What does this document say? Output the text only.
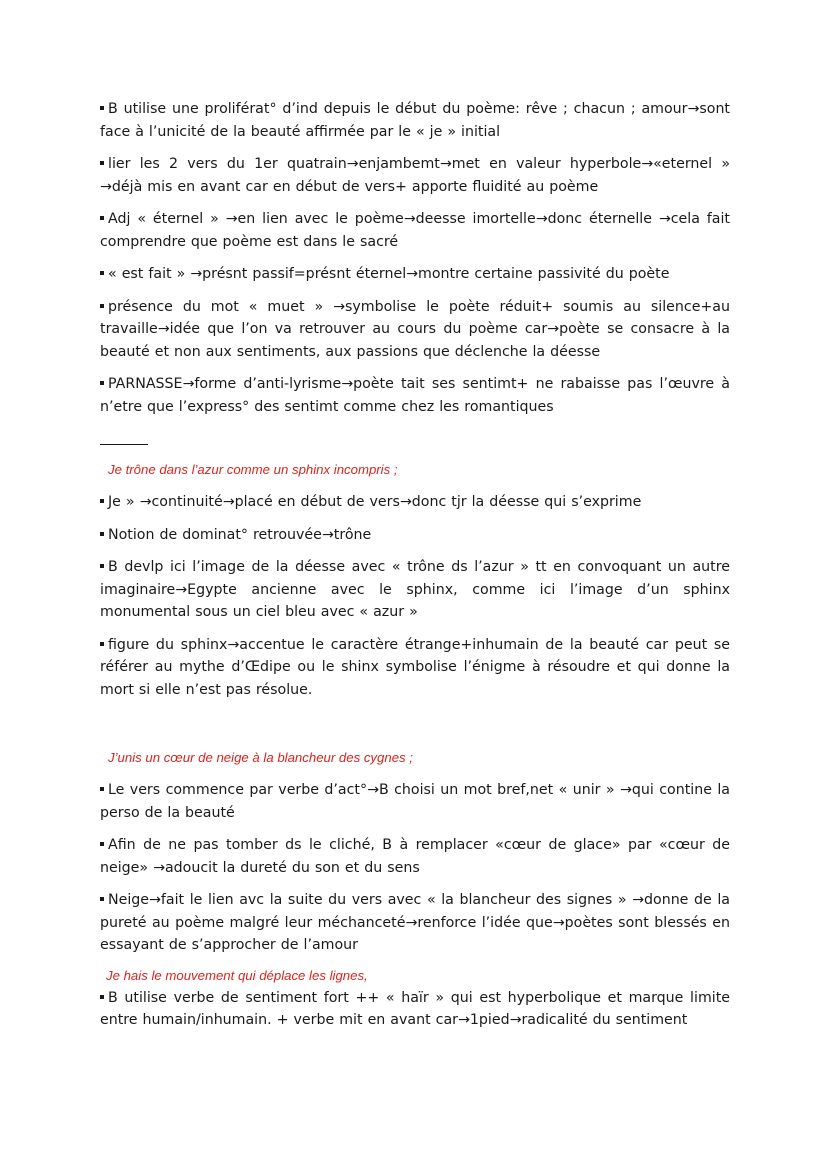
B utilise une proliférat° d’ind depuis le début du poème: rêve ; chacun ; amour→sont face à l’unicité de la beauté affirmée par le « je » initial

lier les 2 vers du 1er quatrain→enjambemt→met en valeur hyperbole→«eternel » →déjà mis en avant car en début de vers+ apporte fluidité au poème

Adj « éternel » →en lien avec le poème→deesse imortelle→donc éternelle →cela fait comprendre que poème est dans le sacré

« est fait » →présnt passif=présnt éternel→montre certaine passivité du poète

présence du mot « muet » →symbolise le poète réduit+ soumis au silence+au travaille→idée que l’on va retrouver au cours du poème car→poète se consacre à la beauté et non aux sentiments, aux passions que déclenche la déesse

PARNASSE→forme d’anti-lyrisme→poète tait ses sentimt+ ne rabaisse pas l’œuvre à n’etre que l’express° des sentimt comme chez les romantiques

Je trône dans l’azur comme un sphinx incompris ;

Je » →continuité→placé en début de vers→donc tjr la déesse qui s’exprime

Notion de dominat° retrouvée→trône

B devlp ici l’image de la déesse avec « trône ds l’azur » tt en convoquant un autre imaginaire→Egypte ancienne avec le sphinx, comme ici l’image d’un sphinx monumental sous un ciel bleu avec « azur »

figure du sphinx→accentue le caractère étrange+inhumain de la beauté car peut se référer au mythe d’Œdipe ou le shinx symbolise l’énigme à résoudre et qui donne la mort si elle n’est pas résolue.

J’unis un cœur de neige à la blancheur des cygnes ;

Le vers commence par verbe d’act°→B choisi un mot bref,net « unir » →qui contine la perso de la beauté

Afin de ne pas tomber ds le cliché, B à remplacer «cœur de glace» par «cœur de neige» →adoucit la dureté du son et du sens

Neige→fait le lien avc la suite du vers avec « la blancheur des signes » →donne de la pureté au poème malgré leur méchanceté→renforce l’idée que→poètes sont blessés en essayant de s’approcher de l’amour

Je hais le mouvement qui déplace les lignes,

B utilise verbe de sentiment fort ++ « haïr » qui est hyperbolique et marque limite entre humain/inhumain. + verbe mit en avant car→1pied→radicalité du sentiment
